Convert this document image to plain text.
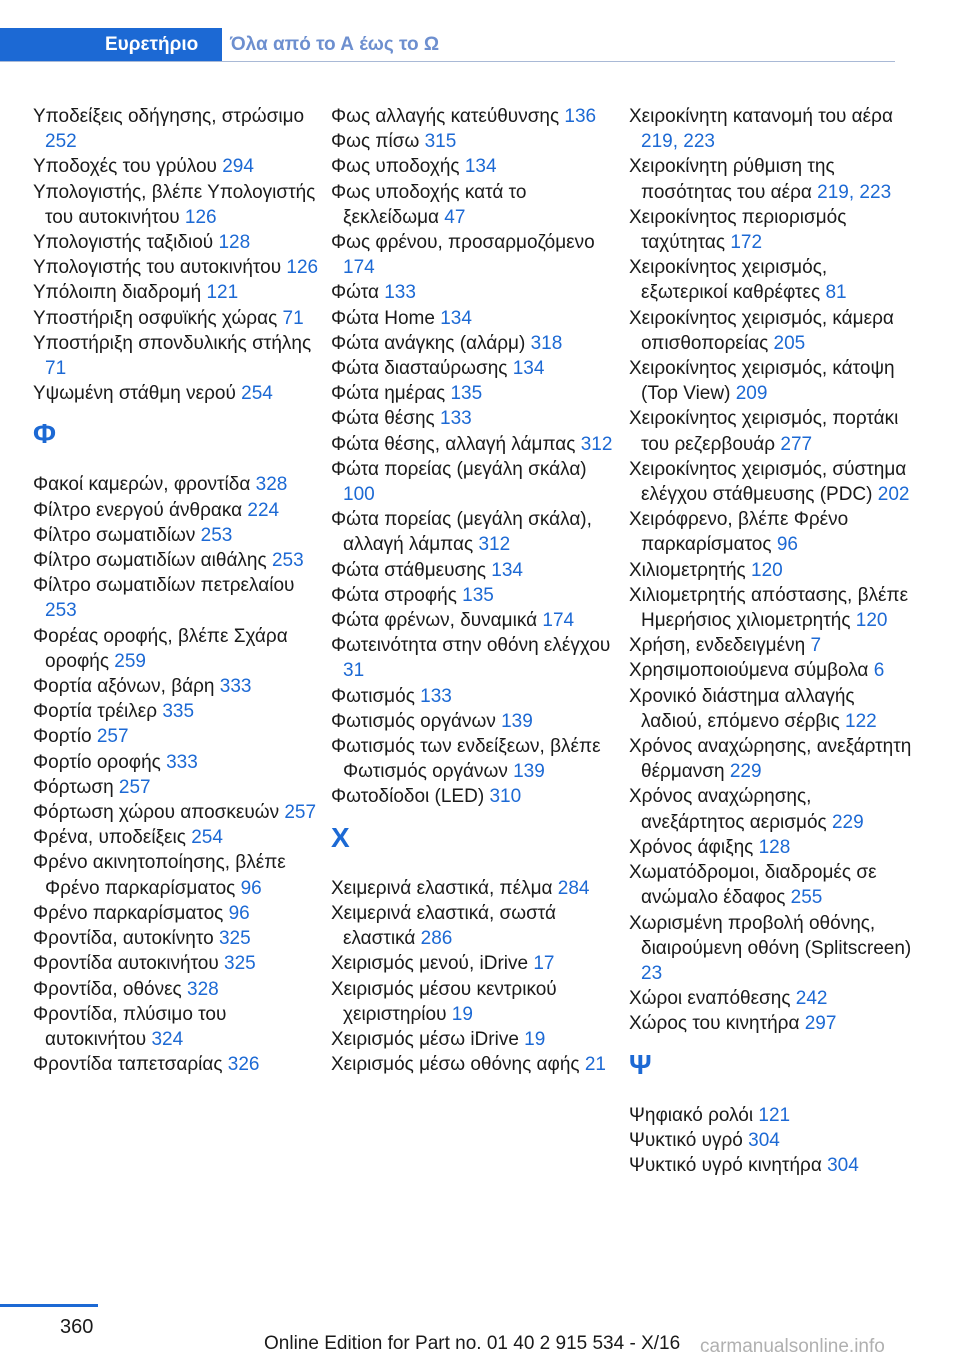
Ευρετήριο	Όλα από το Α έως το Ω
Υποδείξεις οδήγησης, στρώσιμο 252
Υποδοχές του γρύλου 294
Υπολογιστής, βλέπε Υπολογιστής του αυτοκινήτου 126
Υπολογιστής ταξιδιού 128
Υπολογιστής του αυτοκινήτου 126
Υπόλοιπη διαδρομή 121
Υποστήριξη οσφυϊκής χώρας 71
Υποστήριξη σπονδυλικής στήλης 71
Υψωμένη στάθμη νερού 254
Φ
Φακοί καμερών, φροντίδα 328
Φίλτρο ενεργού άνθρακα 224
Φίλτρο σωματιδίων 253
Φίλτρο σωματιδίων αιθάλης 253
Φίλτρο σωματιδίων πετρελαίου 253
Φορέας οροφής, βλέπε Σχάρα οροφής 259
Φορτία αξόνων, βάρη 333
Φορτία τρέιλερ 335
Φορτίο 257
Φορτίο οροφής 333
Φόρτωση 257
Φόρτωση χώρου αποσκευών 257
Φρένα, υποδείξεις 254
Φρένο ακινητοποίησης, βλέπε Φρένο παρκαρίσματος 96
Φρένο παρκαρίσματος 96
Φροντίδα, αυτοκίνητο 325
Φροντίδα αυτοκινήτου 325
Φροντίδα, οθόνες 328
Φροντίδα, πλύσιμο του αυτοκινήτου 324
Φροντίδα ταπετσαρίας 326
Φως αλλαγής κατεύθυνσης 136
Φως πίσω 315
Φως υποδοχής 134
Φως υποδοχής κατά το ξεκλείδωμα 47
Φως φρένου, προσαρμοζόμενο 174
Φώτα 133
Φώτα Home 134
Φώτα ανάγκης (αλάρμ) 318
Φώτα διασταύρωσης 134
Φώτα ημέρας 135
Φώτα θέσης 133
Φώτα θέσης, αλλαγή λάμπας 312
Φώτα πορείας (μεγάλη σκάλα) 100
Φώτα πορείας (μεγάλη σκάλα), αλλαγή λάμπας 312
Φώτα στάθμευσης 134
Φώτα στροφής 135
Φώτα φρένων, δυναμικά 174
Φωτεινότητα στην οθόνη ελέγχου 31
Φωτισμός 133
Φωτισμός οργάνων 139
Φωτισμός των ενδείξεων, βλέπε Φωτισμός οργάνων 139
Φωτοδίοδοι (LED) 310
Χ
Χειμερινά ελαστικά, πέλμα 284
Χειμερινά ελαστικά, σωστά ελαστικά 286
Χειρισμός μενού, iDrive 17
Χειρισμός μέσου κεντρικού χειριστηρίου 19
Χειρισμός μέσω iDrive 19
Χειρισμός μέσω οθόνης αφής 21
Χειροκίνητη κατανομή του αέρα 219, 223
Χειροκίνητη ρύθμιση της ποσότητας του αέρα 219, 223
Χειροκίνητος περιορισμός ταχύτητας 172
Χειροκίνητος χειρισμός, εξωτερικοί καθρέφτες 81
Χειροκίνητος χειρισμός, κάμερα οπισθοπορείας 205
Χειροκίνητος χειρισμός, κάτοψη (Top View) 209
Χειροκίνητος χειρισμός, πορτάκι του ρεζερβουάρ 277
Χειροκίνητος χειρισμός, σύστημα ελέγχου στάθμευσης (PDC) 202
Χειρόφρενο, βλέπε Φρένο παρκαρίσματος 96
Χιλιομετρητής 120
Χιλιομετρητής απόστασης, βλέπε Ημερήσιος χιλιομετρητής 120
Χρήση, ενδεδειγμένη 7
Χρησιμοποιούμενα σύμβολα 6
Χρονικό διάστημα αλλαγής λαδιού, επόμενο σέρβις 122
Χρόνος αναχώρησης, ανεξάρτητη θέρμανση 229
Χρόνος αναχώρησης, ανεξάρτητος αερισμός 229
Χρόνος άφιξης 128
Χωματόδρομοι, διαδρομές σε ανώμαλο έδαφος 255
Χωρισμένη προβολή οθόνης, διαιρούμενη οθόνη (Splitscreen) 23
Χώροι εναπόθεσης 242
Χώρος του κινητήρα 297
Ψ
Ψηφιακό ρολόι 121
Ψυκτικό υγρό 304
Ψυκτικό υγρό κινητήρα 304
360
Online Edition for Part no. 01 40 2 915 534 - X/16 carmanualsonline.info
